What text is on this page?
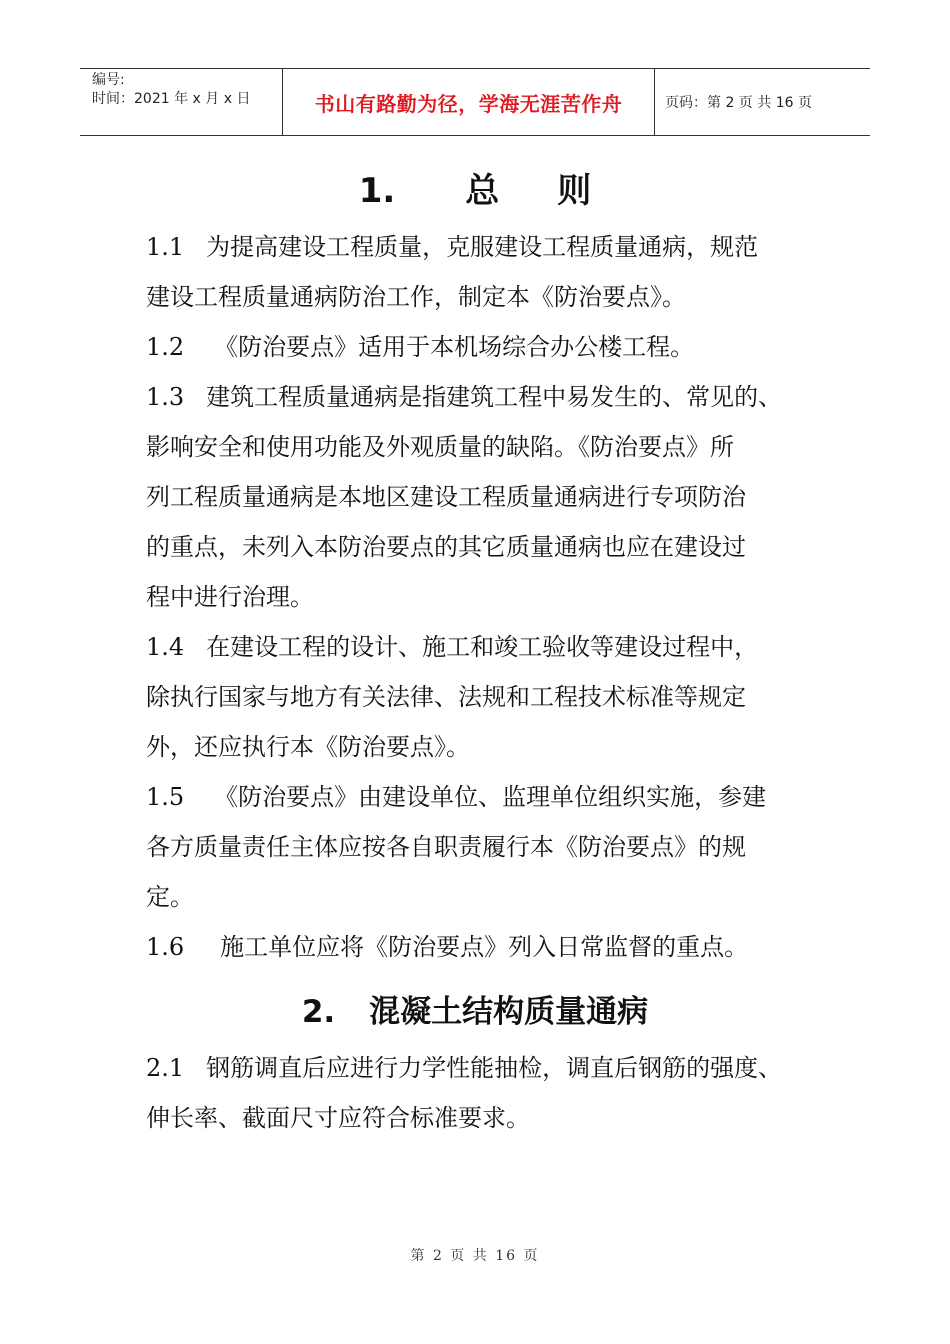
编号:
时间：2021 年 x 月 x 日	书山有路勤为径，学海无涯苦作舟	页码：第 2 页 共 16 页
1. 总 则
1.1 为提高建设工程质量，克服建设工程质量通病，规范
建设工程质量通病防治工作，制定本《防治要点》。
1.2 《防治要点》适用于本机场综合办公楼工程。
1.3 建筑工程质量通病是指建筑工程中易发生的、常见的、
影响安全和使用功能及外观质量的缺陷。《防治要点》所
列工程质量通病是本地区建设工程质量通病进行专项防治
的重点，未列入本防治要点的其它质量通病也应在建设过
程中进行治理。
1.4 在建设工程的设计、施工和竣工验收等建设过程中，
除执行国家与地方有关法律、法规和工程技术标准等规定
外，还应执行本《防治要点》。
1.5 《防治要点》由建设单位、监理单位组织实施，参建
各方质量责任主体应按各自职责履行本《防治要点》的规
定。
1.6 施工单位应将《防治要点》列入日常监督的重点。
2. 混凝土结构质量通病
2.1 钢筋调直后应进行力学性能抽检，调直后钢筋的强度、
伸长率、截面尺寸应符合标准要求。
第 2 页 共 16 页
